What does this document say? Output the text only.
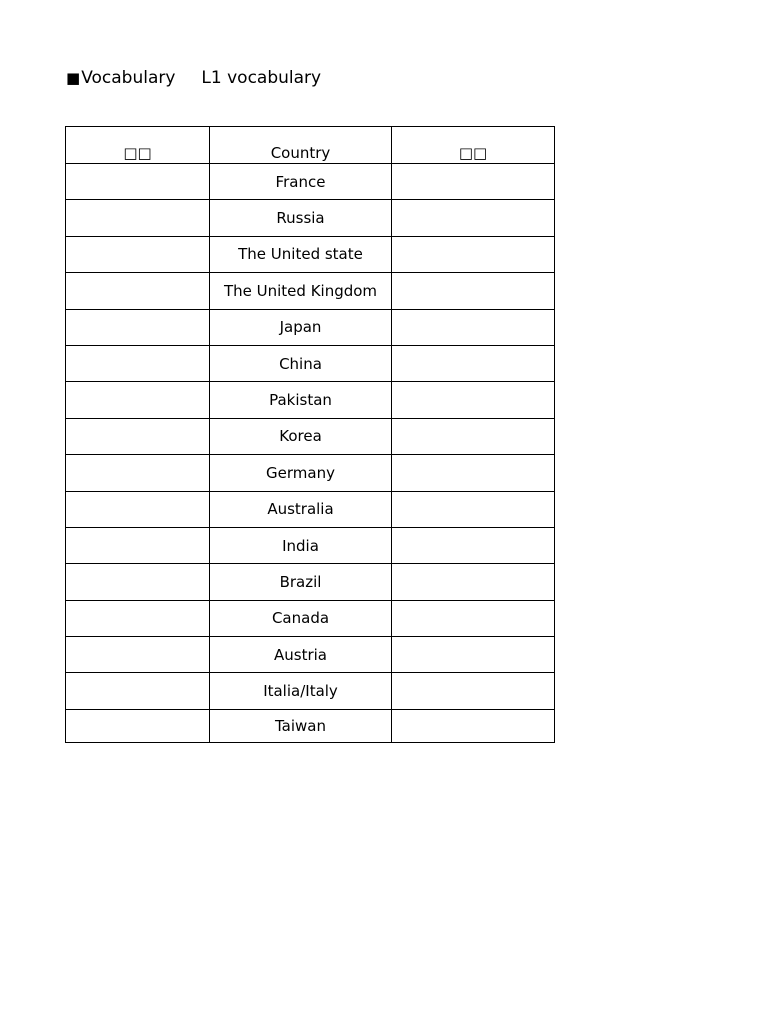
■ Vocabulary L1 vocabulary
□□	Country	□□
	France	
	Russia	
	The United state	
	The United Kingdom	
	Japan	
	China	
	Pakistan	
	Korea	
	Germany	
	Australia	
	India	
	Brazil	
	Canada	
	Austria	
	Italia/Italy	
	Taiwan	
